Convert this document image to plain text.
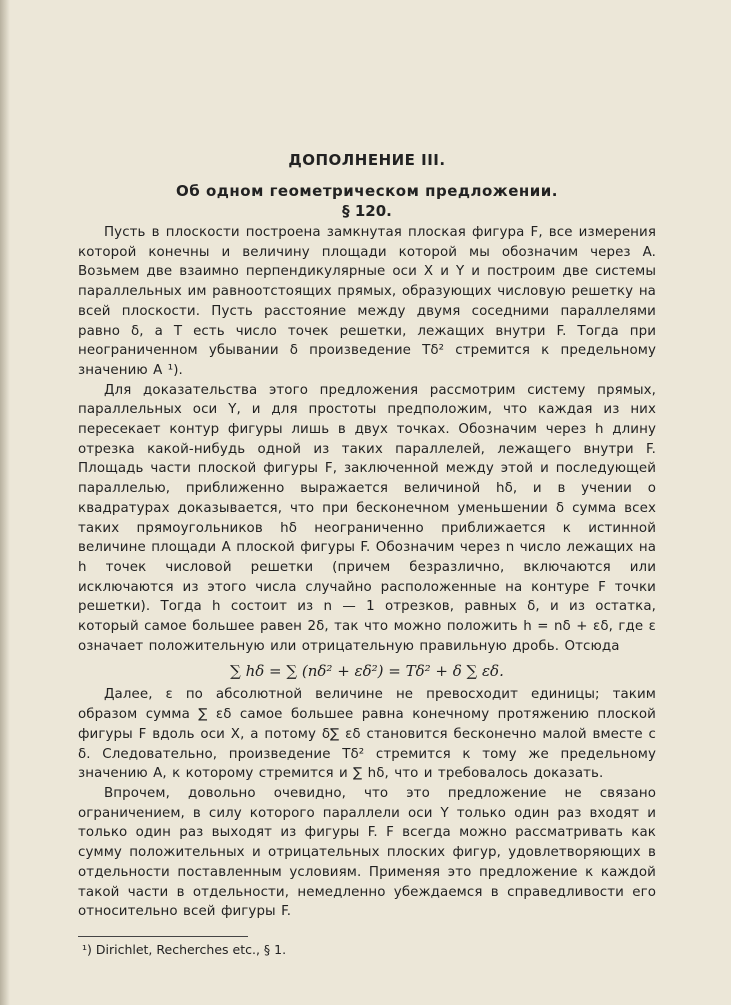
ДОПОЛНЕНИЕ III.
Об одном геометрическом предложении.
§ 120.

Пусть в плоскости построена замкнутая плоская фигура F, все измерения которой конечны и величину площади которой мы обозначим через A. Возьмем две взаимно перпендикулярные оси X и Y и построим две системы параллельных им равноотстоящих прямых, образующих числовую решетку на всей плоскости. Пусть расстояние между двумя соседними параллелями равно δ, а T есть число точек решетки, лежащих внутри F. Тогда при неограниченном убывании δ произведение Tδ² стремится к предельному значению A ¹).

Для доказательства этого предложения рассмотрим систему прямых, параллельных оси Y, и для простоты предположим, что каждая из них пересекает контур фигуры лишь в двух точках. Обозначим через h длину отрезка какой-нибудь одной из таких параллелей, лежащего внутри F. Площадь части плоской фигуры F, заключенной между этой и последующей параллелью, приближенно выражается величиной hδ, и в учении о квадратурах доказывается, что при бесконечном уменьшении δ сумма всех таких прямоугольников hδ неограниченно приближается к истинной величине площади A плоской фигуры F. Обозначим через n число лежащих на h точек числовой решетки (причем безразлично, включаются или исключаются из этого числа случайно расположенные на контуре F точки решетки). Тогда h состоит из n — 1 отрезков, равных δ, и из остатка, который самое большее равен 2δ, так что можно положить h = nδ + εδ, где ε означает положительную или отрицательную правильную дробь. Отсюда

∑ hδ = ∑ (nδ² + εδ²) = Tδ² + δ ∑ εδ.

Далее, ε по абсолютной величине не превосходит единицы; таким образом сумма ∑ εδ самое большее равна конечному протяжению плоской фигуры F вдоль оси X, а потому δ∑ εδ становится бесконечно малой вместе с δ. Следовательно, произведение Tδ² стремится к тому же предельному значению A, к которому стремится и ∑ hδ, что и требовалось доказать.

Впрочем, довольно очевидно, что это предложение не связано ограничением, в силу которого параллели оси Y только один раз входят и только один раз выходят из фигуры F. F всегда можно рассматривать как сумму положительных и отрицательных плоских фигур, удовлетворяющих в отдельности поставленным условиям. Применяя это предложение к каждой такой части в отдельности, немедленно убеждаемся в справедливости его относительно всей фигуры F.

¹) Dirichlet, Recherches etc., § 1.
